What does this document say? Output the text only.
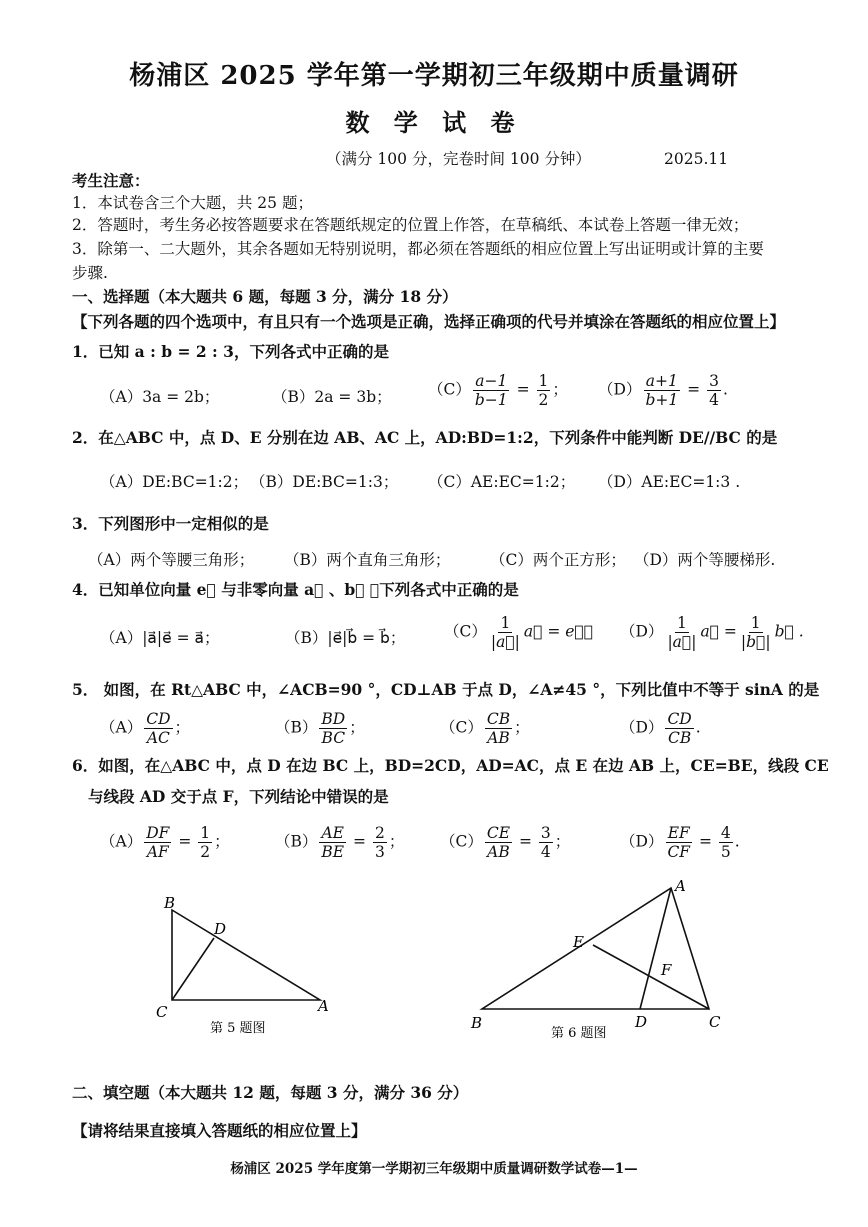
杨浦区 2025 学年第一学期初三年级期中质量调研
数 学 试 卷
（满分 100 分，完卷时间 100 分钟）	2025.11
考生注意：
1．本试卷含三个大题，共 25 题；
2．答题时，考生务必按答题要求在答题纸规定的位置上作答，在草稿纸、本试卷上答题一律无效；
3．除第一、二大题外，其余各题如无特别说明，都必须在答题纸的相应位置上写出证明或计算的主要
步骤.
一、选择题（本大题共 6 题，每题 3 分，满分 18 分）
【下列各题的四个选项中，有且只有一个选项是正确，选择正确项的代号并填涂在答题纸的相应位置上】
1．已知 a : b = 2 : 3，下列各式中正确的是
（A）3a = 2b；	（B）2a = 3b； $(C) \frac{a-1}{b-1} = \frac{1}{2}$ ； $(D) \frac{a+1}{b+1} = \frac{3}{4}$ .
2．在△ABC 中，点 D、E 分别在边 AB、AC 上，AD:BD=1:2，下列条件中能判断 DE//BC 的是
（A）DE:BC=1:2； （B）DE:BC=1:3； （C）AE:EC=1:2； （D）AE:EC=1:3 .
3．下列图形中一定相似的是
（A）两个等腰三角形； （B）两个直角三角形；	（C）两个正方形； （D）两个等腰梯形.
4．已知单位向量 e⃗ 与非零向量 a⃗ 、b⃗ ，下列各式中正确的是
（A）|a⃗|e⃗ = a⃗；	（B）|e⃗|b⃗ = b⃗； $(C) \frac{1}{|a⃗|}$ a⃗ = e⃗； $(D) \frac{1}{|a⃗|}$ a⃗ = $\frac{1}{|b⃗|}$ b⃗ .
5． 如图，在 Rt△ABC 中，∠ACB=90 °，CD⊥AB 于点 D，∠A≠45 °，下列比值中不等于 sinA 的是
$(A) \frac{CD}{AC}$ ；	$(B) \frac{BD}{BC}$ ；	$(C) \frac{CB}{AB}$ ；	$(D) \frac{CD}{CB}$ .
6．如图，在△ABC 中，点 D 在边 BC 上，BD=2CD，AD=AC，点 E 在边 AB 上，CE=BE，线段 CE
与线段 AD 交于点 F，下列结论中错误的是
$(A) \frac{DF}{AF} = \frac{1}{2}$ ；	$(B) \frac{AE}{BE} = \frac{2}{3}$ ； $(C) \frac{CE}{AB} = \frac{3}{4}$ ；	$(D) \frac{EF}{CF} = \frac{4}{5}$ .
B
D
C	A
第 5 题图
A
E
F
B	D	C
第 6 题图
二、填空题（本大题共 12 题，每题 3 分，满分 36 分）
【请将结果直接填入答题纸的相应位置上】
杨浦区 2025 学年度第一学期初三年级期中质量调研数学试卷—1—
